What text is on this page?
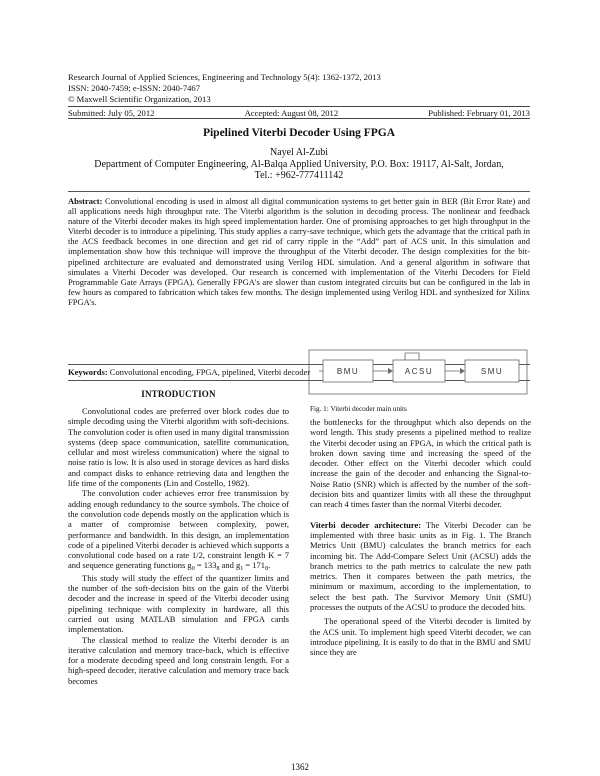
Research Journal of Applied Sciences, Engineering and Technology 5(4): 1362-1372, 2013
ISSN: 2040-7459; e-ISSN: 2040-7467
© Maxwell Scientific Organization, 2013
Submitted: July 05, 2012	Accepted: August 08, 2012	Published: February 01, 2013
Pipelined Viterbi Decoder Using FPGA
Nayel Al-Zubi
Department of Computer Engineering, Al-Balqa Applied University, P.O. Box: 19117, Al-Salt, Jordan,
Tel.: +962-777411142
Abstract: Convolutional encoding is used in almost all digital communication systems to get better gain in BER (Bit Error Rate) and all applications needs high throughput rate. The Viterbi algorithm is the solution in decoding process. The nonlinear and feedback nature of the Viterbi decoder makes its high speed implementation harder. One of promising approaches to get high throughput in the Viterbi decoder is to introduce a pipelining. This study applies a carry-save technique, which gets the advantage that the critical path in the ACS feedback becomes in one direction and get rid of carry ripple in the “Add” part of ACS unit. In this simulation and implementation show how this technique will improve the throughput of the Viterbi decoder. The design complexities for the bit-pipelined architecture are evaluated and demonstrated using Verilog HDL simulation. And a general algorithm in software that simulates a Viterbi Decoder was developed. Our research is concerned with implementation of the Viterbi Decoders for Field Programmable Gate Arrays (FPGA). Generally FPGA's are slower than custom integrated circuits but can be configured in the lab in few hours as compared to fabrication which takes few months. The design implemented using Verilog HDL and synthesized for Xilinx FPGA's.
Keywords: Convolutional encoding, FPGA, pipelined, Viterbi decoder
INTRODUCTION

Convolutional codes are preferred over block codes due to simple decoding using the Viterbi algorithm with soft-decisions. The convolution coder is often used in many digital transmission systems (deep space communication, satellite communication, cellular and most wireless communication) where the signal to noise ratio is low. It is also used in storage devices as hard disks and compact disks to enhance retrieving data and lengthen the life time of the components (Lin and Costello, 1982).

The convolution coder achieves error free transmission by adding enough redundancy to the source symbols. The choice of the convolution code depends mostly on the application which is a matter of compromise between complexity, power, performance and bandwidth. In this design, an implementation code of a pipelined Viterbi decoder is achieved which supports a convolutional code based on a rate 1/2, constraint length K = 7 and sequence generating functions $g_0 = 133_8$ and $g_1 = 171_8$.

This study will study the effect of the quantizer limits and the number of the soft-decision bits on the gain of the Viterbi decoder and the increase in speed of the Viterbi decoder using pipelining technique with complexity in hardware, all this carried out using MATLAB simulation and FPGA cards implementation.

The classical method to realize the Viterbi decoder is an iterative calculation and memory trace-back, which is effective for a moderate decoding speed and long constrain length. For a high-speed decoder, iterative calculation and memory trace back becomes

BMU	ACSU	SMU
Fig. 1: Viterbi decoder main units

the bottlenecks for the throughput which also depends on the word length. This study presents a pipelined method to realize the Viterbi decoder using an FPGA, in which the critical path is broken down saving time and increasing the speed of the decoder. Other effect on the Viterbi decoder which could increase the gain of the decoder and enhancing the Signal-to-Noise Ratio (SNR) which is affected by the number of the soft-decision bits and quantizer limits with all these the throughput can reach 4 times faster than the normal Viterbi decoder.

Viterbi decoder architecture: The Viterbi Decoder can be implemented with three basic units as in Fig. 1. The Branch Metrics Unit (BMU) calculates the branch metrics for each incoming bit. The Add-Compare Select Unit (ACSU) adds the branch metrics to the path metrics to calculate the new path metrics. Then it compares between the path metrics, the minimum or maximum, according to the implementation, to select the best path. The Survivor Memory Unit (SMU) processes the outputs of the ACSU to produce the decoded bits.

The operational speed of the Viterbi decoder is limited by the ACS unit. To implement high speed Viterbi decoder, we can introduce pipelining. It is easily to do that in the BMU and SMU since they are

1362
